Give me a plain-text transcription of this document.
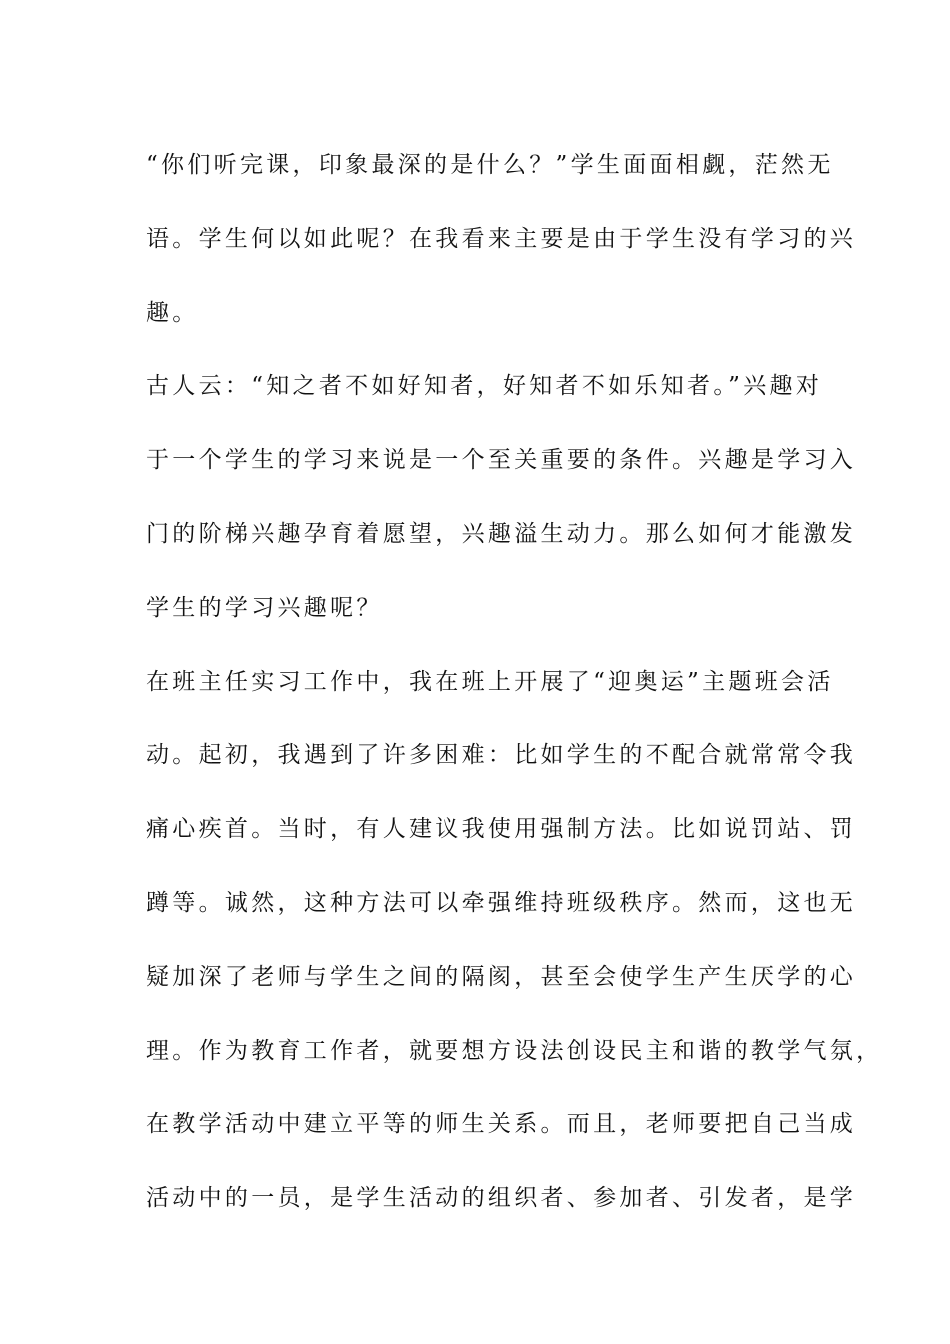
“你们听完课，印象最深的是什么？”学生面面相觑，茫然无
语。学生何以如此呢？在我看来主要是由于学生没有学习的兴
趣。
古人云：“知之者不如好知者，好知者不如乐知者。”兴趣对
于一个学生的学习来说是一个至关重要的条件。兴趣是学习入
门的阶梯兴趣孕育着愿望，兴趣溢生动力。那么如何才能激发
学生的学习兴趣呢？
在班主任实习工作中，我在班上开展了“迎奥运”主题班会活
动。起初，我遇到了许多困难：比如学生的不配合就常常令我
痛心疾首。当时，有人建议我使用强制方法。比如说罚站、罚
蹲等。诚然，这种方法可以牵强维持班级秩序。然而，这也无
疑加深了老师与学生之间的隔阂，甚至会使学生产生厌学的心
理。作为教育工作者，就要想方设法创设民主和谐的教学气氛，
在教学活动中建立平等的师生关系。而且，老师要把自己当成
活动中的一员，是学生活动的组织者、参加者、引发者，是学
